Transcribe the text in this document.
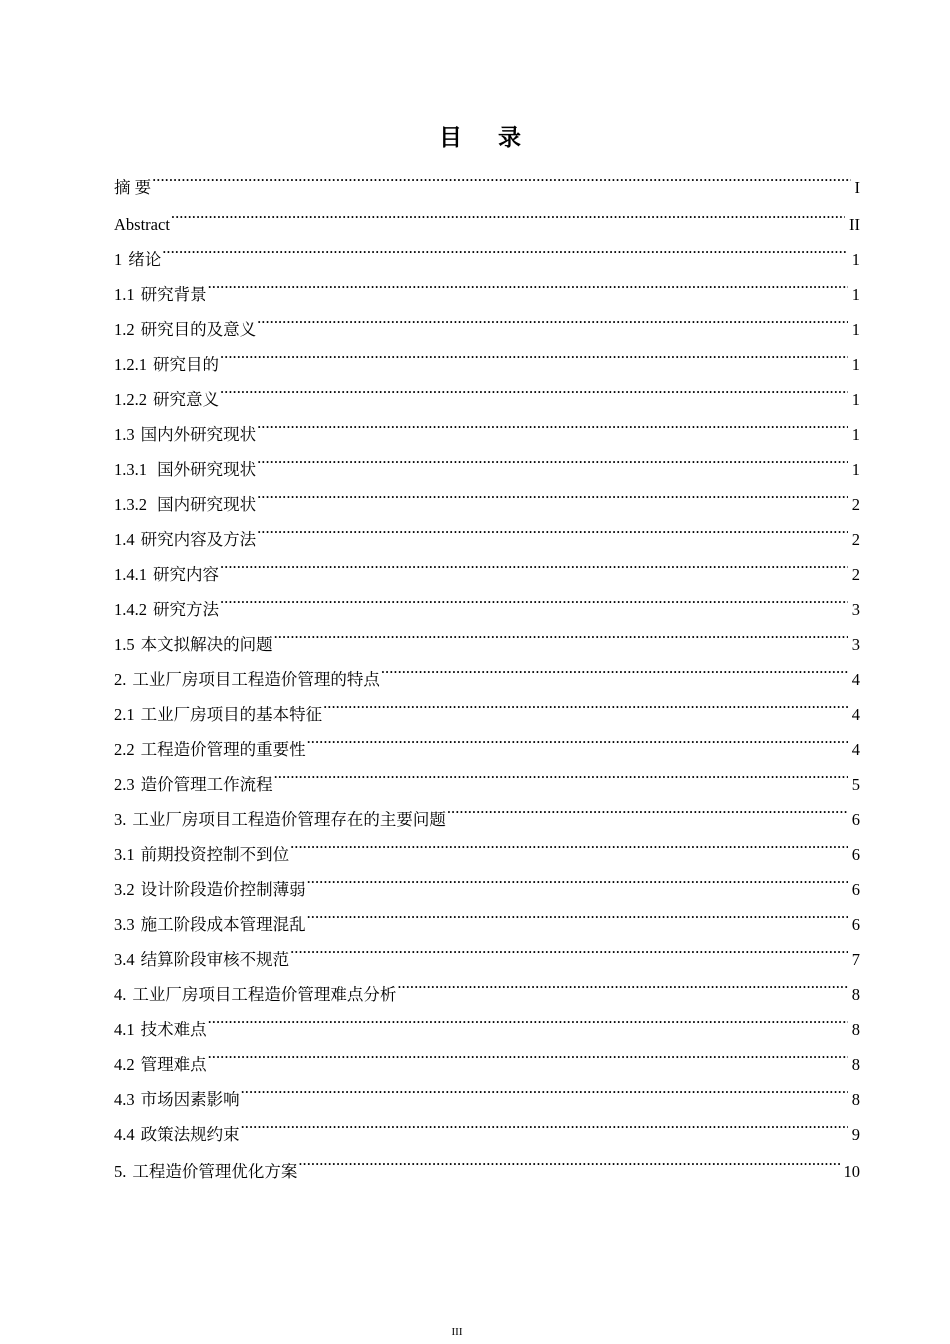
目 录
摘 要 .....	I
Abstract .....	II
1 绪论 .....	1
1.1 研究背景 .....	1
1.2 研究目的及意义 .....	1
1.2.1 研究目的 .....	1
1.2.2 研究意义 .....	1
1.3 国内外研究现状 .....	1
1.3.1 国外研究现状 .....	1
1.3.2 国内研究现状 .....	2
1.4 研究内容及方法 .....	2
1.4.1 研究内容 .....	2
1.4.2 研究方法 .....	3
1.5 本文拟解决的问题 .....	3
2. 工业厂房项目工程造价管理的特点 .....	4
2.1 工业厂房项目的基本特征 .....	4
2.2 工程造价管理的重要性 .....	4
2.3 造价管理工作流程 .....	5
3. 工业厂房项目工程造价管理存在的主要问题 .....	6
3.1 前期投资控制不到位 .....	6
3.2 设计阶段造价控制薄弱 .....	6
3.3 施工阶段成本管理混乱 .....	6
3.4 结算阶段审核不规范 .....	7
4. 工业厂房项目工程造价管理难点分析 .....	8
4.1 技术难点 .....	8
4.2 管理难点 .....	8
4.3 市场因素影响 .....	8
4.4 政策法规约束 .....	9
5. 工程造价管理优化方案 .....	10
III
